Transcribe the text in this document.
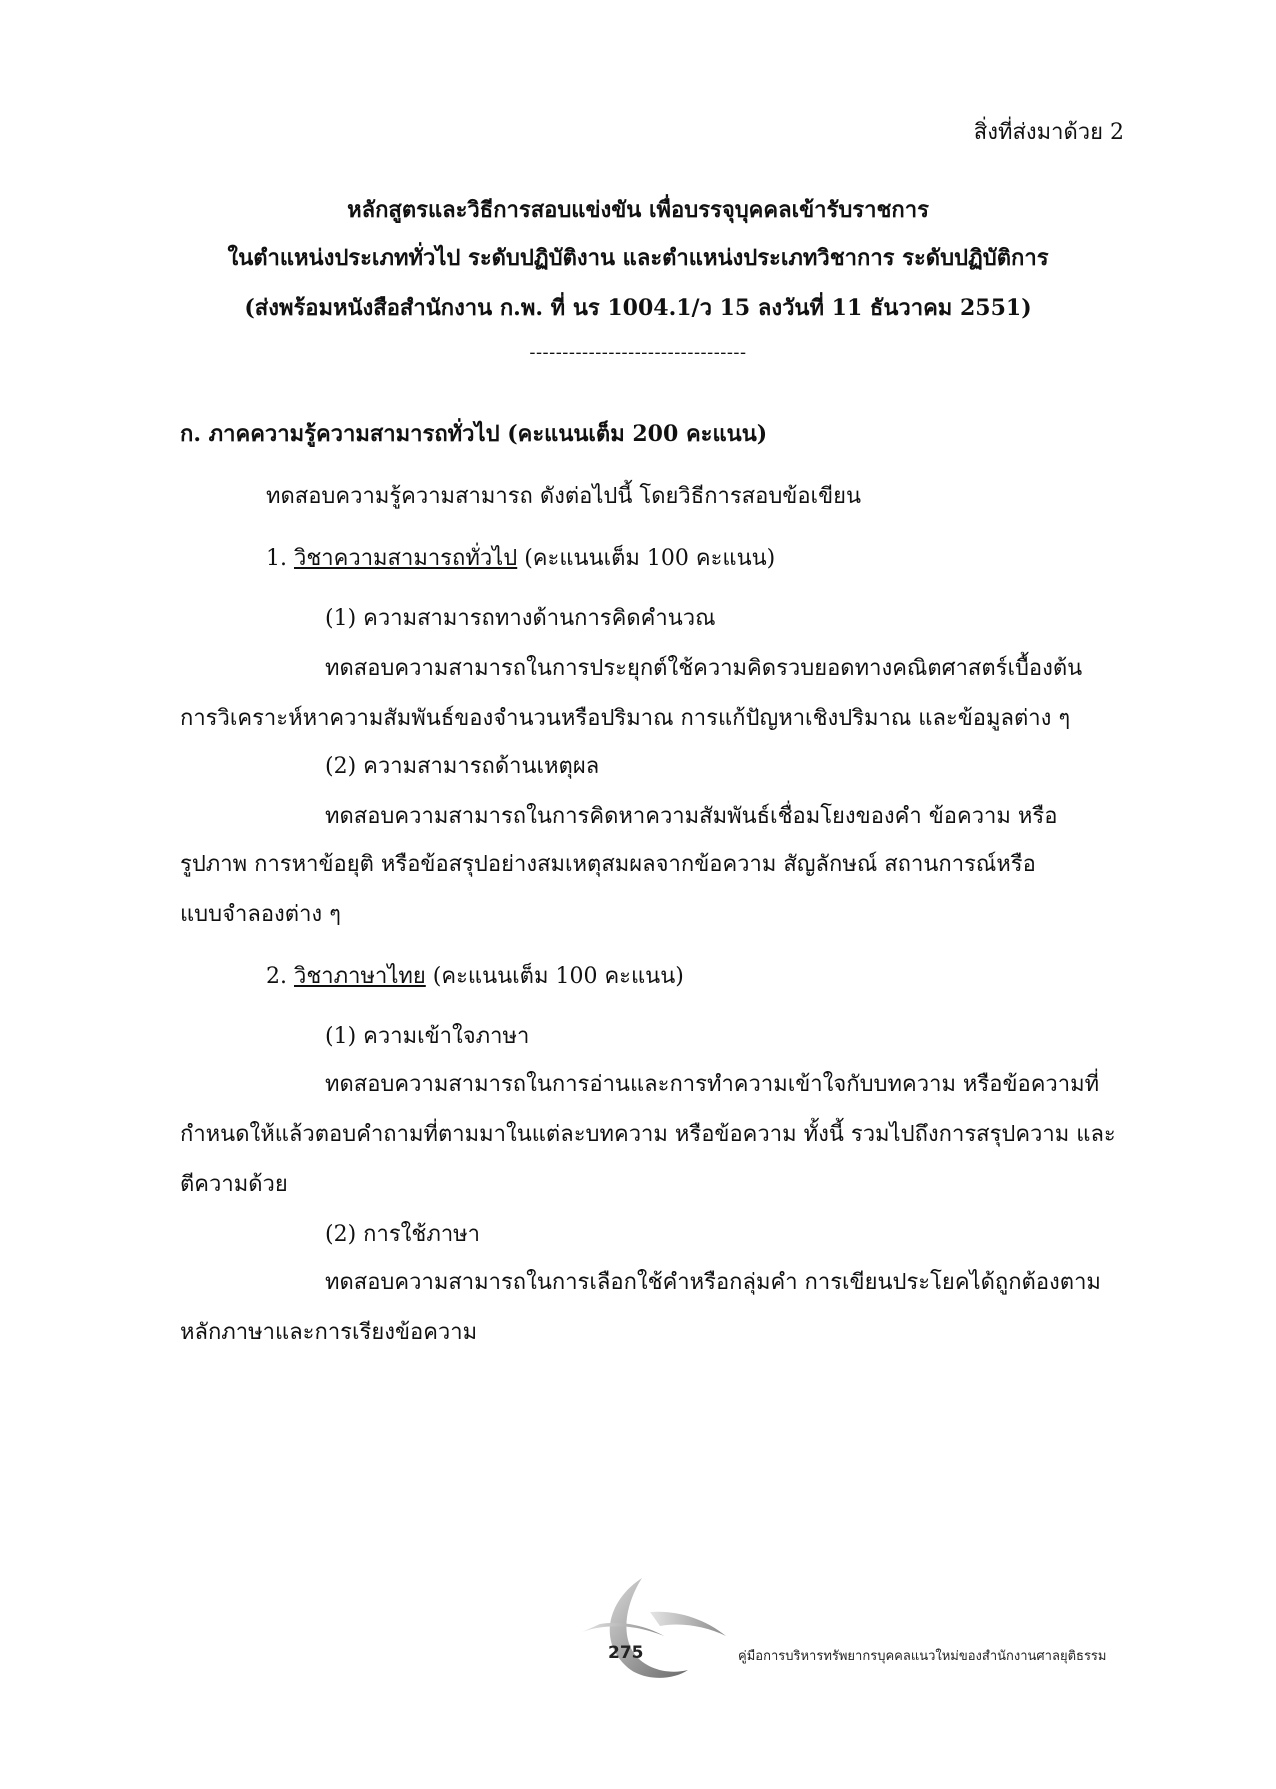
สิ่งที่ส่งมาด้วย 2
หลักสูตรและวิธีการสอบแข่งขัน เพื่อบรรจุบุคคลเข้ารับราชการ
ในตำแหน่งประเภททั่วไป ระดับปฏิบัติงาน และตำแหน่งประเภทวิชาการ ระดับปฏิบัติการ
(ส่งพร้อมหนังสือสำนักงาน ก.พ. ที่ นร 1004.1/ว 15 ลงวันที่ 11 ธันวาคม 2551)
---------------------------------
ก. ภาคความรู้ความสามารถทั่วไป (คะแนนเต็ม 200 คะแนน)
ทดสอบความรู้ความสามารถ ดังต่อไปนี้ โดยวิธีการสอบข้อเขียน
1. วิชาความสามารถทั่วไป (คะแนนเต็ม 100 คะแนน)
(1) ความสามารถทางด้านการคิดคำนวณ
ทดสอบความสามารถในการประยุกต์ใช้ความคิดรวบยอดทางคณิตศาสตร์เบื้องต้น
การวิเคราะห์หาความสัมพันธ์ของจำนวนหรือปริมาณ การแก้ปัญหาเชิงปริมาณ และข้อมูลต่าง ๆ
(2) ความสามารถด้านเหตุผล
ทดสอบความสามารถในการคิดหาความสัมพันธ์เชื่อมโยงของคำ ข้อความ หรือ
รูปภาพ การหาข้อยุติ หรือข้อสรุปอย่างสมเหตุสมผลจากข้อความ สัญลักษณ์ สถานการณ์หรือ
แบบจำลองต่าง ๆ
2. วิชาภาษาไทย (คะแนนเต็ม 100 คะแนน)
(1) ความเข้าใจภาษา
ทดสอบความสามารถในการอ่านและการทำความเข้าใจกับบทความ หรือข้อความที่
กำหนดให้แล้วตอบคำถามที่ตามมาในแต่ละบทความ หรือข้อความ ทั้งนี้ รวมไปถึงการสรุปความ และ
ตีความด้วย
(2) การใช้ภาษา
ทดสอบความสามารถในการเลือกใช้คำหรือกลุ่มคำ การเขียนประโยคได้ถูกต้องตาม
หลักภาษาและการเรียงข้อความ
275	คู่มือการบริหารทรัพยากรบุคคลแนวใหม่ของสำนักงานศาลยุติธรรม
